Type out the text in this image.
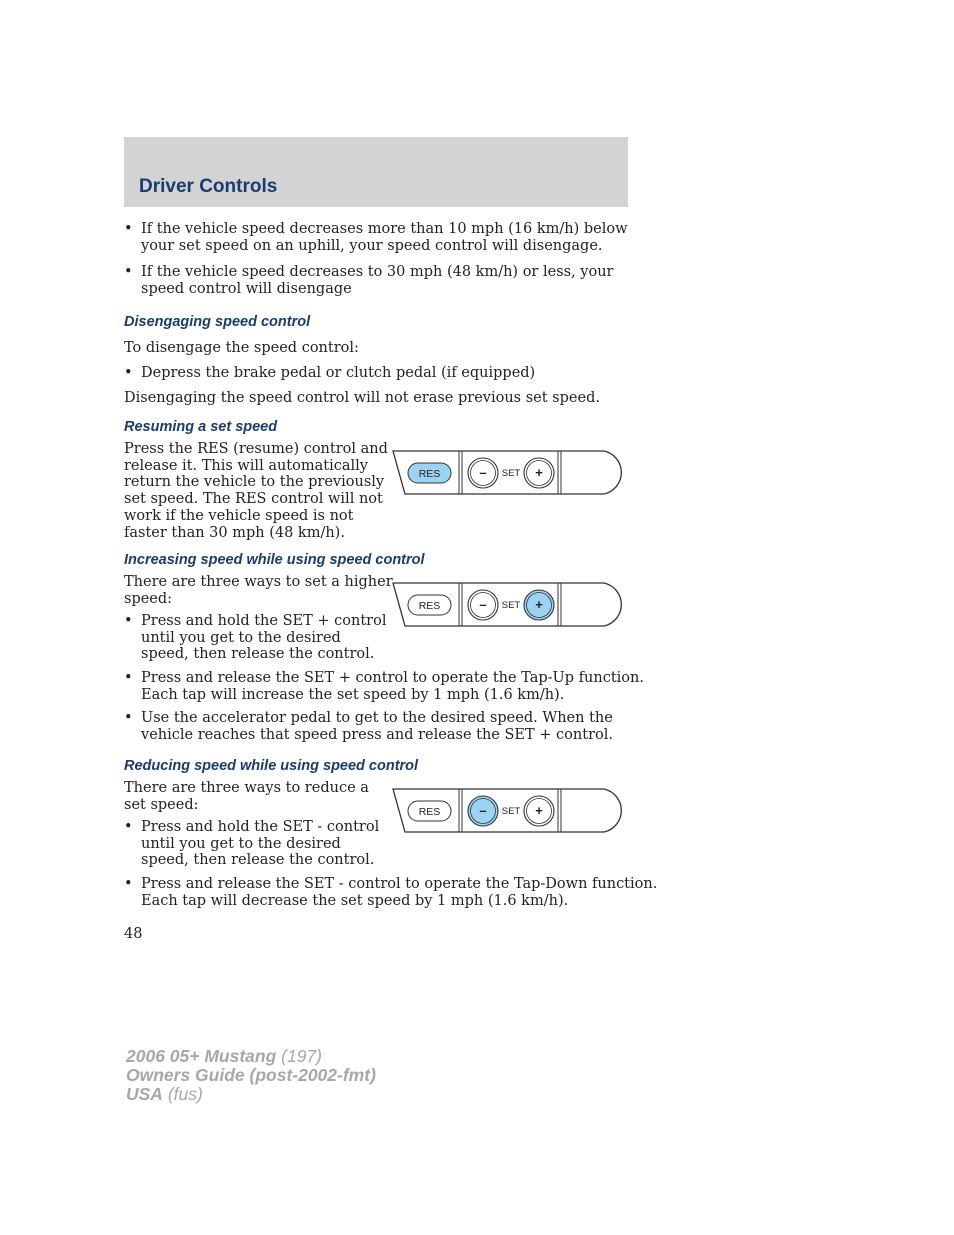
Driver Controls
• If the vehicle speed decreases more than 10 mph (16 km/h) below
your set speed on an uphill, your speed control will disengage.

• If the vehicle speed decreases to 30 mph (48 km/h) or less, your
speed control will disengage

Disengaging speed control

To disengage the speed control:

• Depress the brake pedal or clutch pedal (if equipped)

Disengaging the speed control will not erase previous set speed.

Resuming a set speed

Press the RES (resume) control and
release it. This will automatically
return the vehicle to the previously
set speed. The RES control will not
work if the vehicle speed is not
faster than 30 mph (48 km/h).

Increasing speed while using speed control

There are three ways to set a higher
speed:

• Press and hold the SET + control
until you get to the desired
speed, then release the control.

• Press and release the SET + control to operate the Tap-Up function.
Each tap will increase the set speed by 1 mph (1.6 km/h).

• Use the accelerator pedal to get to the desired speed. When the
vehicle reaches that speed press and release the SET + control.

Reducing speed while using speed control

There are three ways to reduce a
set speed:

• Press and hold the SET - control
until you get to the desired
speed, then release the control.

• Press and release the SET - control to operate the Tap-Down function.
Each tap will decrease the set speed by 1 mph (1.6 km/h).

RES	– SET +
RES	– SET +
RES	– SET +
48
2006 05+ Mustang (197)
Owners Guide (post-2002-fmt)
USA (fus)
